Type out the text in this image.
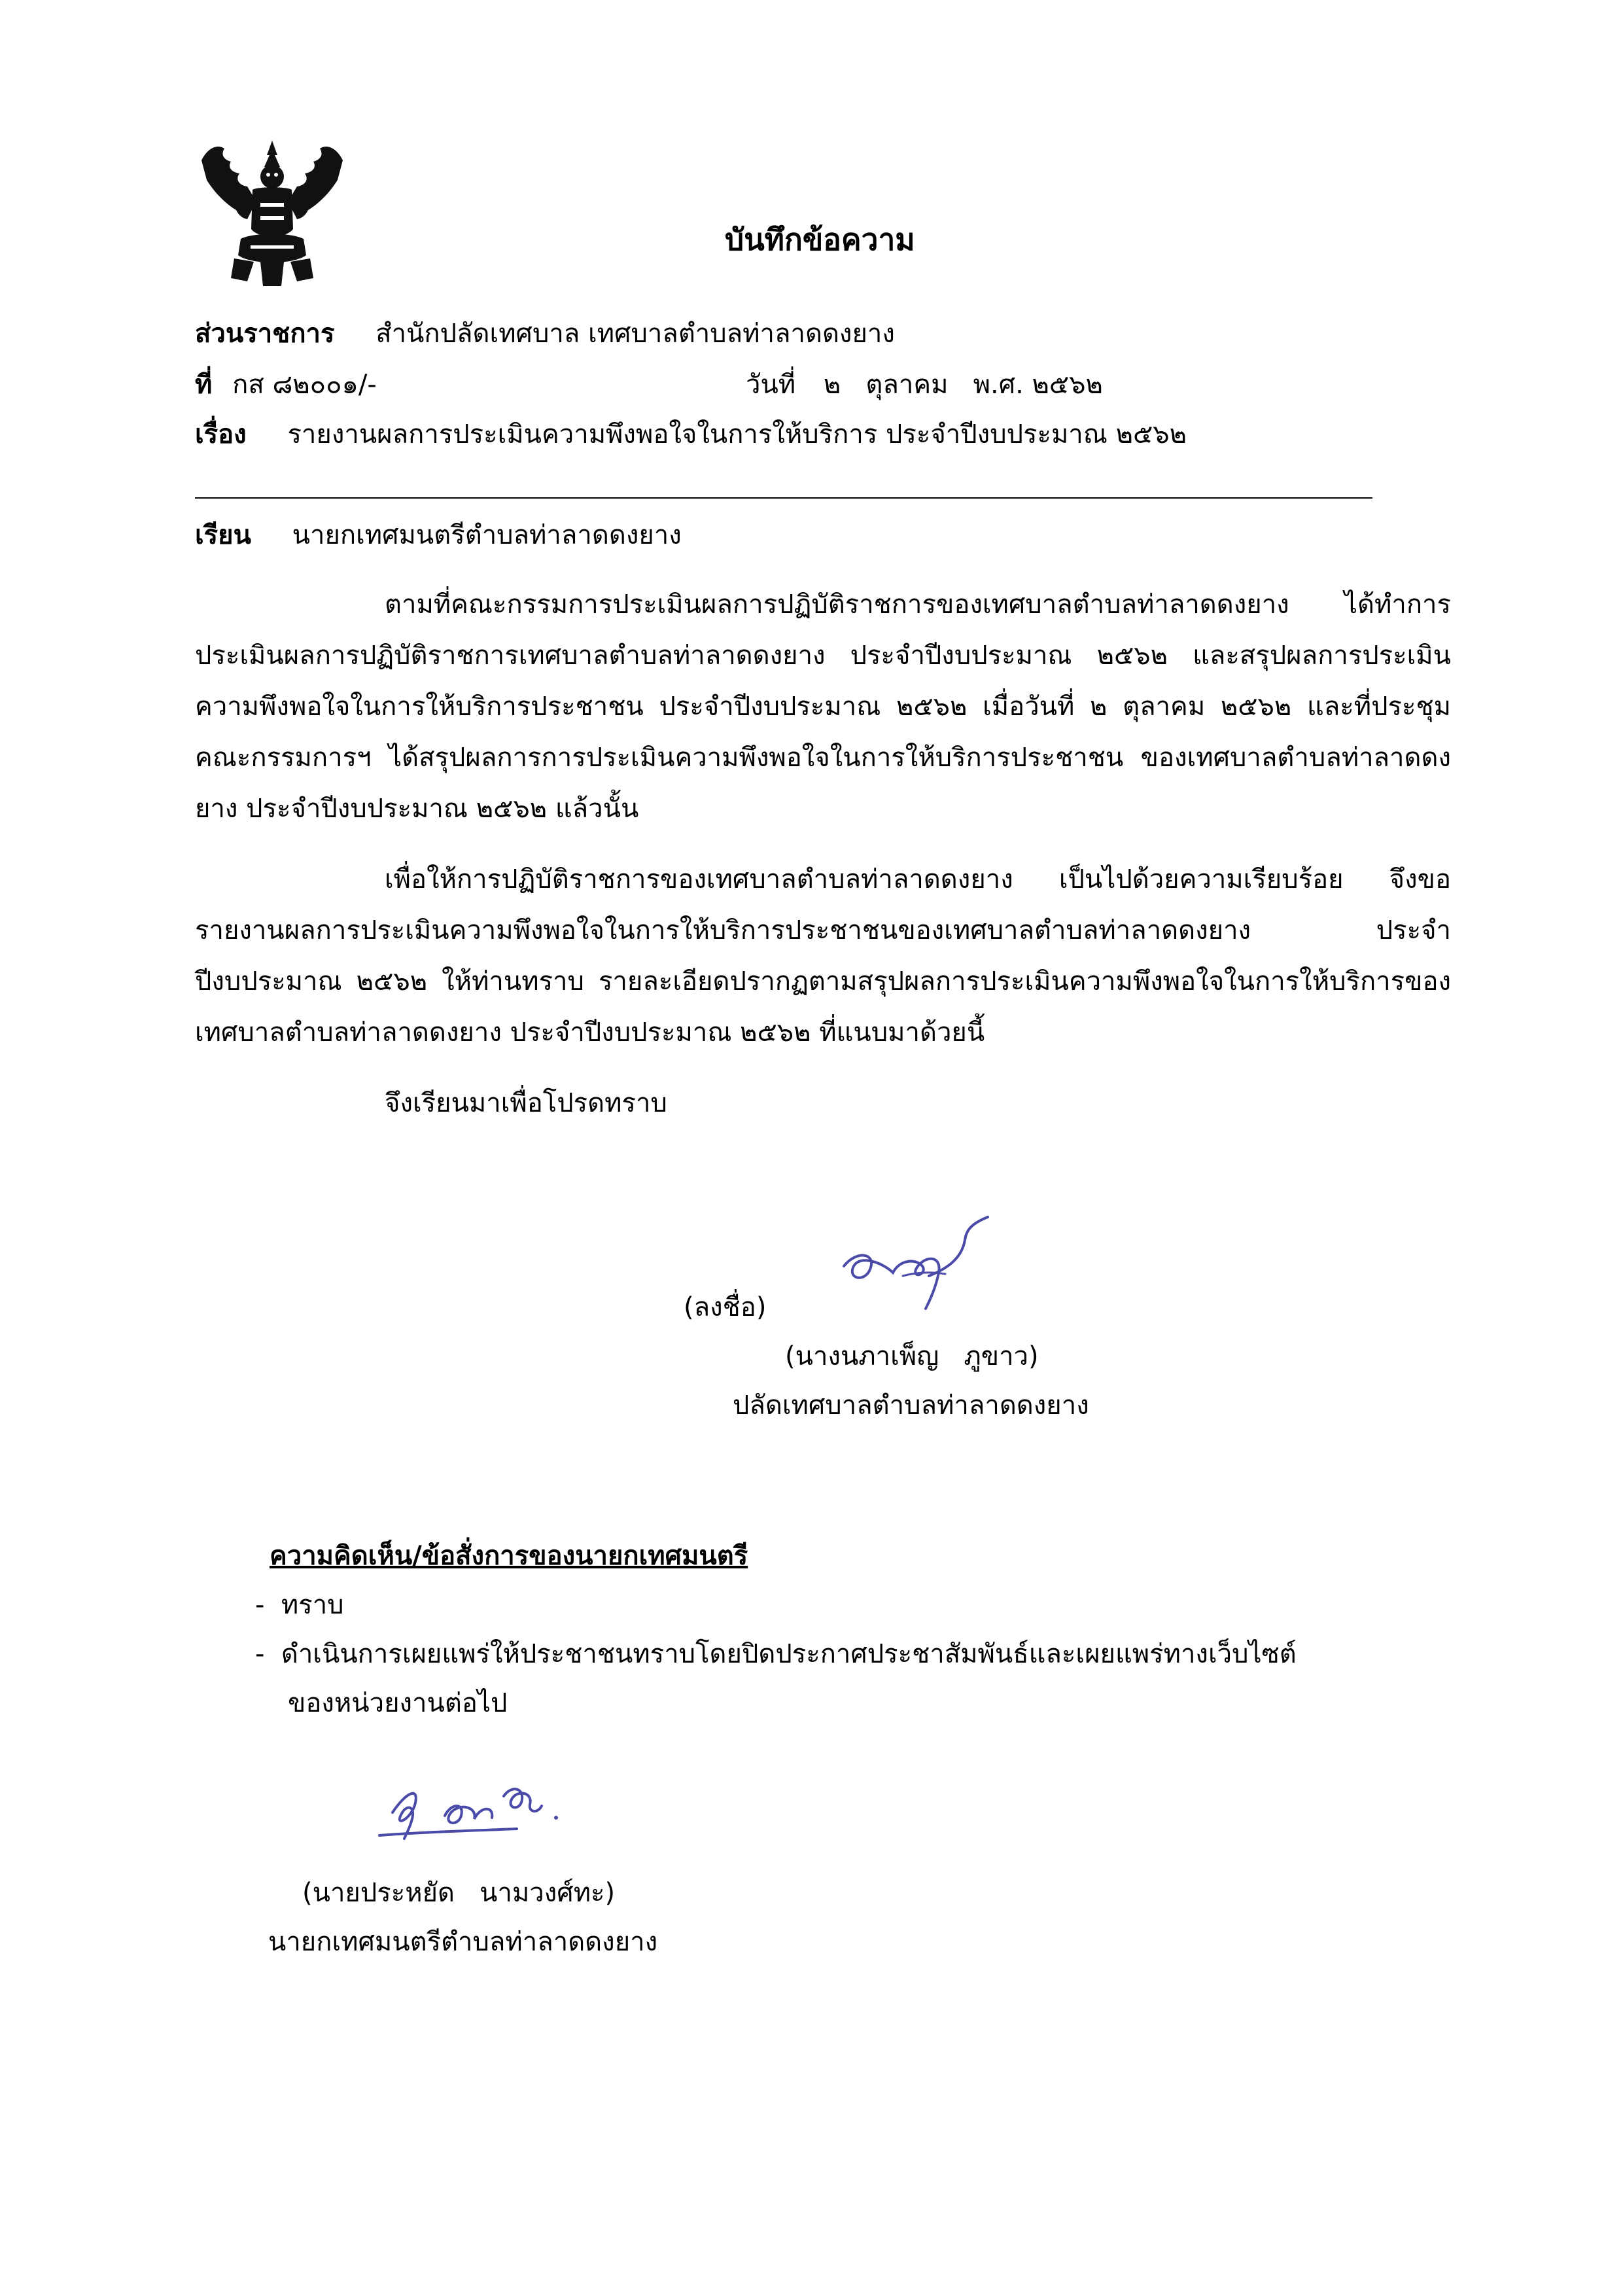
บันทึกข้อความ
ส่วนราชการ สำนักปลัดเทศบาล เทศบาลตำบลท่าลาดดงยาง
ที่ กส ๘๒๐๐๑/-	วันที่ ๒   ตุลาคม   พ.ศ. ๒๕๖๒
เรื่อง รายงานผลการประเมินความพึงพอใจในการให้บริการ ประจำปีงบประมาณ ๒๕๖๒
เรียน นายกเทศมนตรีตำบลท่าลาดดงยาง

ตามที่คณะกรรมการประเมินผลการปฏิบัติราชการของเทศบาลตำบลท่าลาดดงยาง ได้ทำการประเมินผลการปฏิบัติราชการเทศบาลตำบลท่าลาดดงยาง ประจำปีงบประมาณ ๒๕๖๒ และสรุปผลการประเมินความพึงพอใจในการให้บริการประชาชน ประจำปีงบประมาณ ๒๕๖๒ เมื่อวันที่ ๒ ตุลาคม ๒๕๖๒ และที่ประชุมคณะกรรมการฯ ได้สรุปผลการการประเมินความพึงพอใจในการให้บริการประชาชน ของเทศบาลตำบลท่าลาดดงยาง ประจำปีงบประมาณ ๒๕๖๒ แล้วนั้น

เพื่อให้การปฏิบัติราชการของเทศบาลตำบลท่าลาดดงยาง เป็นไปด้วยความเรียบร้อย จึงขอรายงานผลการประเมินความพึงพอใจในการให้บริการประชาชนของเทศบาลตำบลท่าลาดดงยาง ประจำปีงบประมาณ ๒๕๖๒ ให้ท่านทราบ รายละเอียดปรากฏตามสรุปผลการประเมินความพึงพอใจในการให้บริการของเทศบาลตำบลท่าลาดดงยาง ประจำปีงบประมาณ ๒๕๖๒ ที่แนบมาด้วยนี้

จึงเรียนมาเพื่อโปรดทราบ
(ลงชื่อ)
(นางนภาเพ็ญ   ภูขาว)
ปลัดเทศบาลตำบลท่าลาดดงยาง
ความคิดเห็น/ข้อสั่งการของนายกเทศมนตรี
-  ทราบ
-  ดำเนินการเผยแพร่ให้ประชาชนทราบโดยปิดประกาศประชาสัมพันธ์และเผยแพร่ทางเว็บไซต์
ของหน่วยงานต่อไป
(นายประหยัด   นามวงศ์ทะ)
นายกเทศมนตรีตำบลท่าลาดดงยาง
